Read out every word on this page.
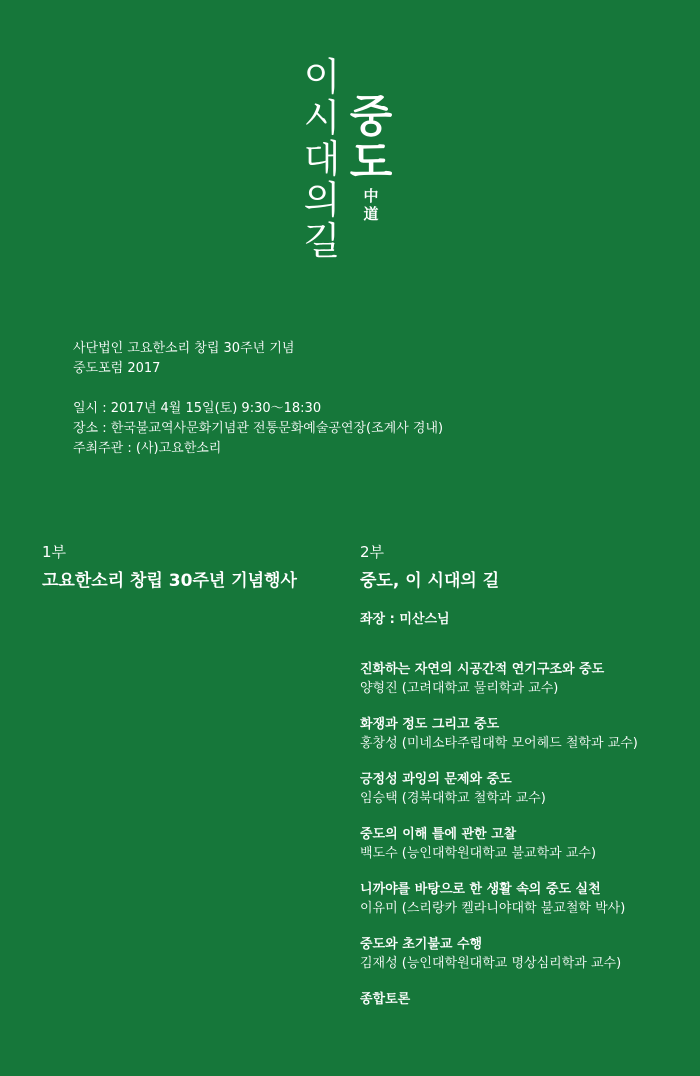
이
시
대
의
길
중
도
中
道

사단법인 고요한소리 창립 30주년 기념

중도포럼 2017

일시 : 2017년 4월 15일(토) 9:30～18:30

장소 : 한국불교역사문화기념관 전통문화예술공연장(조계사 경내)

주최주관 : (사)고요한소리

1부
고요한소리 창립 30주년 기념행사
2부
중도, 이 시대의 길
좌장 : 미산스님
진화하는 자연의 시공간적 연기구조와 중도
양형진 (고려대학교 물리학과 교수)
화쟁과 정도 그리고 중도
홍창성 (미네소타주립대학 모어헤드 철학과 교수)
긍정성 과잉의 문제와 중도
임승택 (경북대학교 철학과 교수)
중도의 이해 틀에 관한 고찰
백도수 (능인대학원대학교 불교학과 교수)
니까야를 바탕으로 한 생활 속의 중도 실천
이유미 (스리랑카 켈라니야대학 불교철학 박사)
중도와 초기불교 수행
김재성 (능인대학원대학교 명상심리학과 교수)
종합토론
